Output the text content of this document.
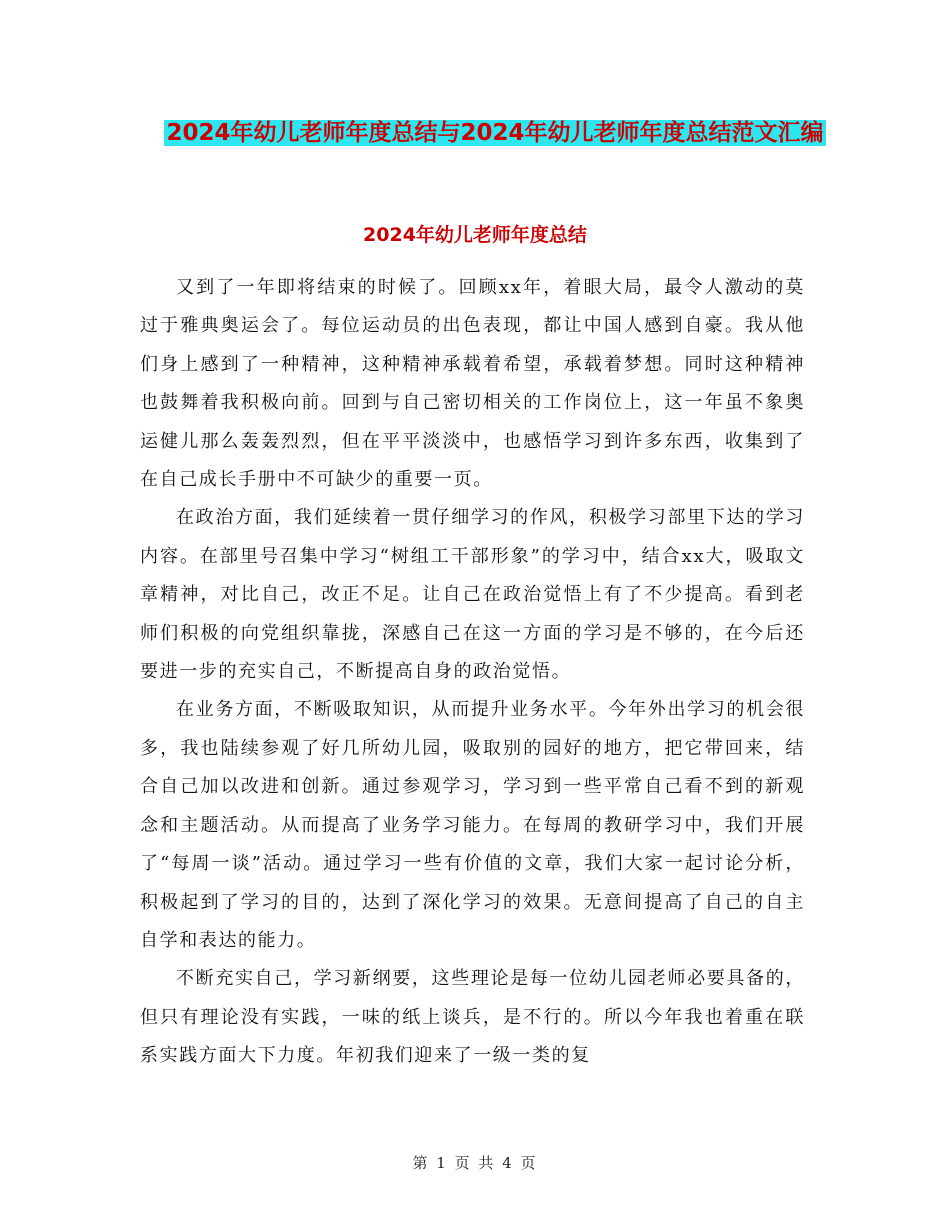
2024年幼儿老师年度总结与2024年幼儿老师年度总结范文汇编
2024年幼儿老师年度总结

又到了一年即将结束的时候了。回顾xx年，着眼大局，最令人激动的莫过于雅典奥运会了。每位运动员的出色表现，都让中国人感到自豪。我从他们身上感到了一种精神，这种精神承载着希望，承载着梦想。同时这种精神也鼓舞着我积极向前。回到与自己密切相关的工作岗位上，这一年虽不象奥运健儿那么轰轰烈烈，但在平平淡淡中，也感悟学习到许多东西，收集到了在自己成长手册中不可缺少的重要一页。

在政治方面，我们延续着一贯仔细学习的作风，积极学习部里下达的学习内容。在部里号召集中学习“树组工干部形象”的学习中，结合xx大，吸取文章精神，对比自己，改正不足。让自己在政治觉悟上有了不少提高。看到老师们积极的向党组织靠拢，深感自己在这一方面的学习是不够的，在今后还要进一步的充实自己，不断提高自身的政治觉悟。

在业务方面，不断吸取知识，从而提升业务水平。今年外出学习的机会很多，我也陆续参观了好几所幼儿园，吸取别的园好的地方，把它带回来，结合自己加以改进和创新。通过参观学习，学习到一些平常自己看不到的新观念和主题活动。从而提高了业务学习能力。在每周的教研学习中，我们开展了“每周一谈”活动。通过学习一些有价值的文章，我们大家一起讨论分析，积极起到了学习的目的，达到了深化学习的效果。无意间提高了自己的自主自学和表达的能力。

不断充实自己，学习新纲要，这些理论是每一位幼儿园老师必要具备的，但只有理论没有实践，一味的纸上谈兵，是不行的。所以今年我也着重在联系实践方面大下力度。年初我们迎来了一级一类的复

第 1 页 共 4 页
